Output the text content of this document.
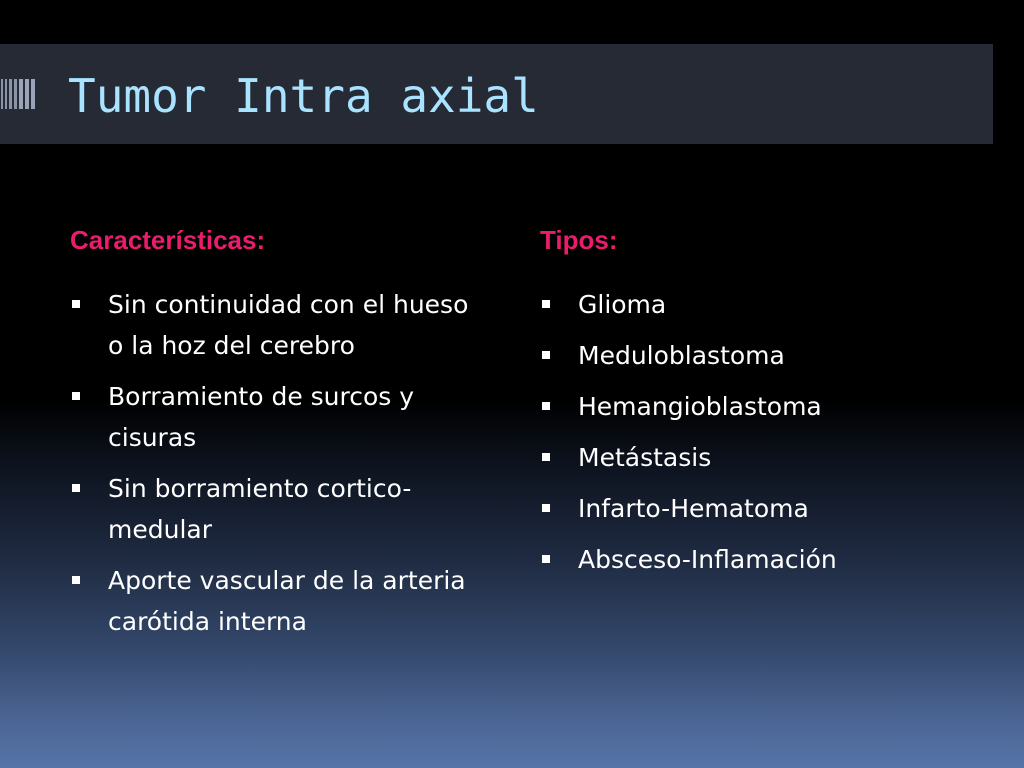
Tumor Intra axial
Características:
Sin continuidad con el hueso o la hoz del cerebro
Borramiento de surcos y cisuras
Sin borramiento cortico-medular
Aporte vascular de la arteria carótida interna
Tipos:
Glioma
Meduloblastoma
Hemangioblastoma
Metástasis
Infarto-Hematoma
Absceso-Inflamación
